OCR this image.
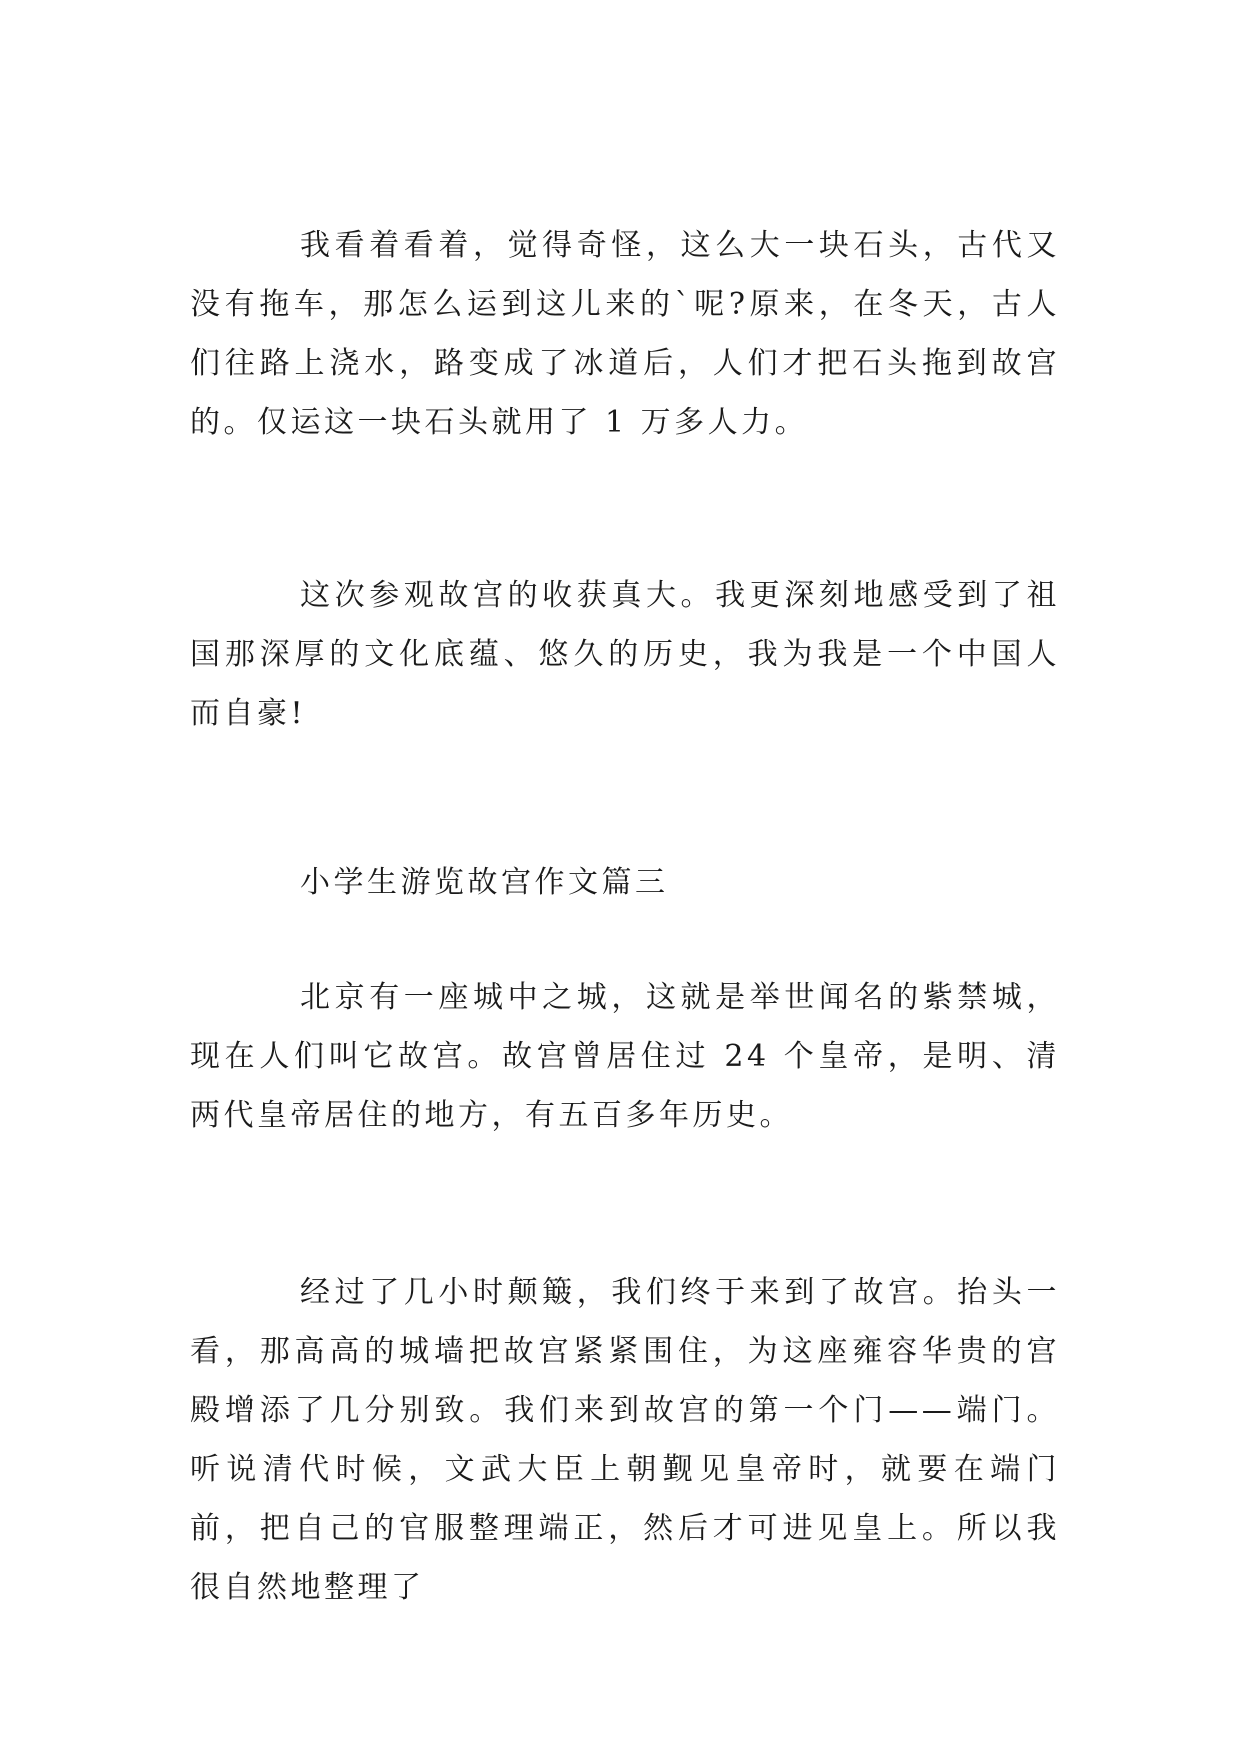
我看着看着，觉得奇怪，这么大一块石头，古代又没有拖车，那怎么运到这儿来的`呢?原来，在冬天，古人们往路上浇水，路变成了冰道后，人们才把石头拖到故宫的。仅运这一块石头就用了 1 万多人力。

这次参观故宫的收获真大。我更深刻地感受到了祖国那深厚的文化底蕴、悠久的历史，我为我是一个中国人而自豪!

小学生游览故宫作文篇三

北京有一座城中之城，这就是举世闻名的紫禁城，现在人们叫它故宫。故宫曾居住过 24 个皇帝，是明、清两代皇帝居住的地方，有五百多年历史。

经过了几小时颠簸，我们终于来到了故宫。抬头一看，那高高的城墙把故宫紧紧围住，为这座雍容华贵的宫殿增添了几分别致。我们来到故宫的第一个门——端门。听说清代时候，文武大臣上朝觐见皇帝时，就要在端门前，把自己的官服整理端正，然后才可进见皇上。所以我很自然地整理了
